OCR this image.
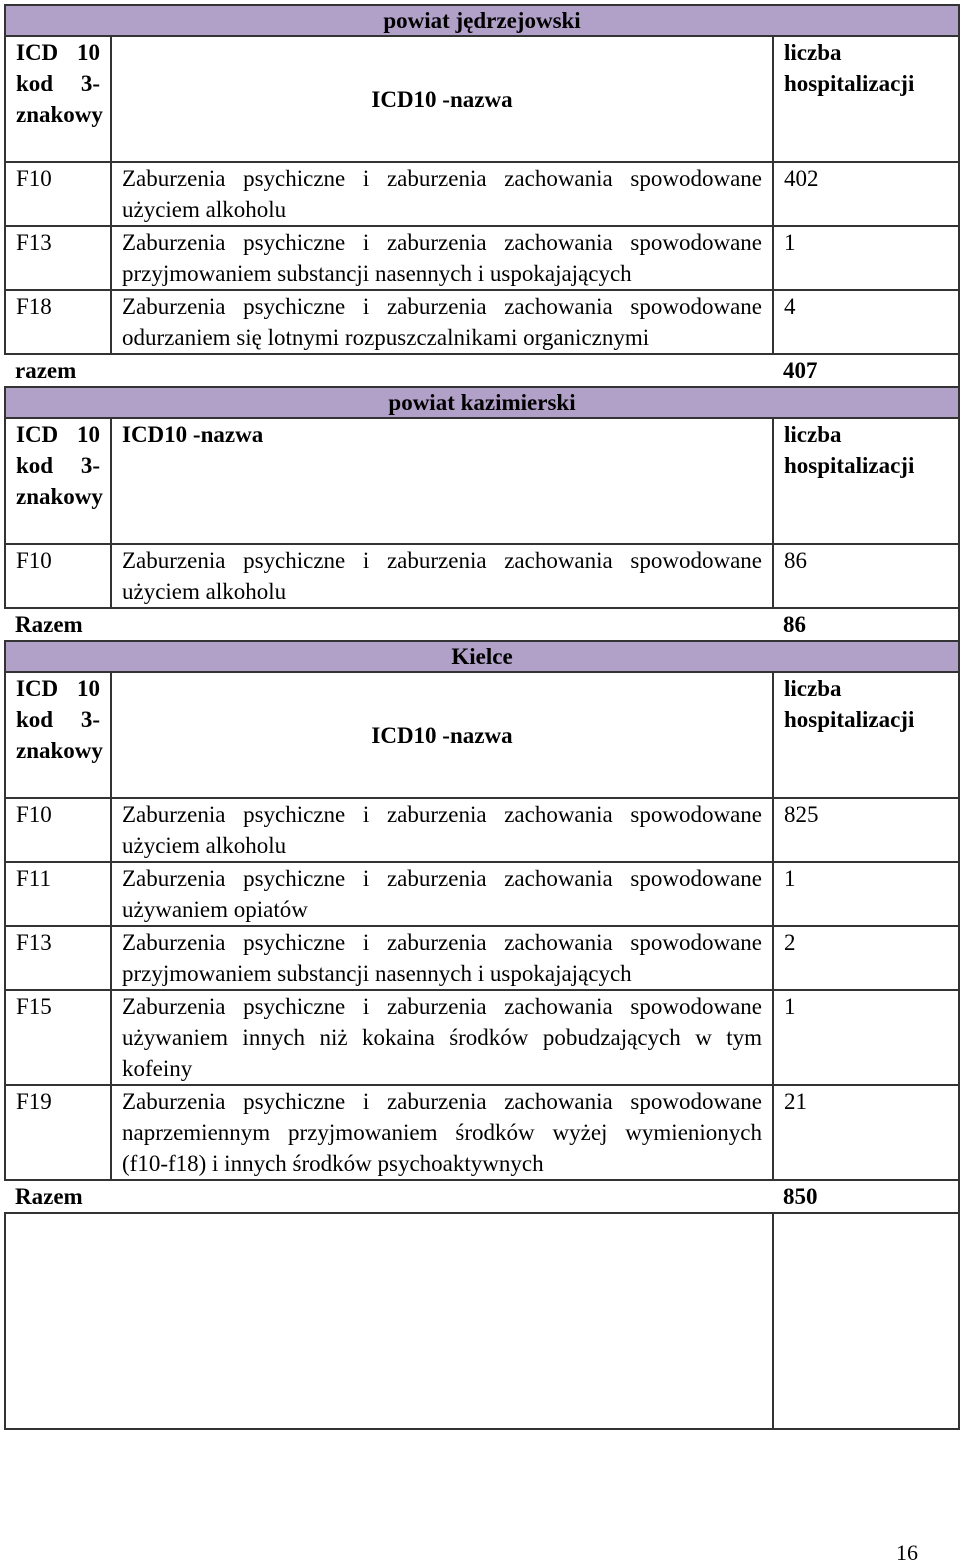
powiat jędrzejowski		
ICD 10 kod 3-znakowy	ICD10 -nazwa	liczba hospitalizacji
F10	Zaburzenia psychiczne i zaburzenia zachowania spowodowane użyciem alkoholu	402
F13	Zaburzenia psychiczne i zaburzenia zachowania spowodowane przyjmowaniem substancji nasennych i uspokajających	1
F18	Zaburzenia psychiczne i zaburzenia zachowania spowodowane odurzaniem się lotnymi rozpuszczalnikami organicznymi	4
razem		407
powiat kazimierski		
ICD 10 kod 3-znakowy	ICD10 -nazwa	liczba hospitalizacji
F10	Zaburzenia psychiczne i zaburzenia zachowania spowodowane użyciem alkoholu	86
Razem		86
Kielce		
ICD 10 kod 3-znakowy	ICD10 -nazwa	liczba hospitalizacji
F10	Zaburzenia psychiczne i zaburzenia zachowania spowodowane użyciem alkoholu	825
F11	Zaburzenia psychiczne i zaburzenia zachowania spowodowane używaniem opiatów	1
F13	Zaburzenia psychiczne i zaburzenia zachowania spowodowane przyjmowaniem substancji nasennych i uspokajających	2
F15	Zaburzenia psychiczne i zaburzenia zachowania spowodowane używaniem innych niż kokaina środków pobudzających w tym kofeiny	1
F19	Zaburzenia psychiczne i zaburzenia zachowania spowodowane naprzemiennym przyjmowaniem środków wyżej wymienionych (f10-f18) i innych środków psychoaktywnych	21
Razem		850

16
